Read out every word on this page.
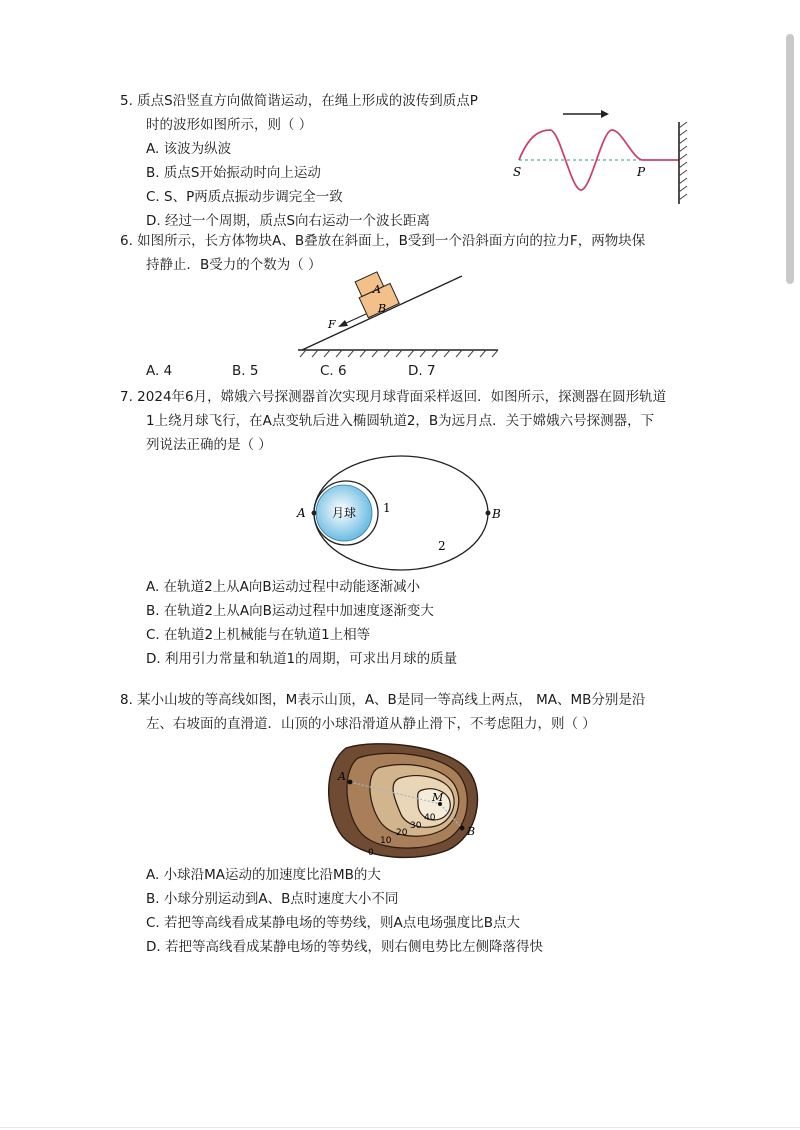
5. 质点S沿竖直方向做简谐运动，在绳上形成的波传到质点P
时的波形如图所示，则（ ）
A. 该波为纵波
B. 质点S开始振动时向上运动
C. S、P两质点振动步调完全一致
D. 经过一个周期，质点S向右运动一个波长距离
S	P
6. 如图所示，长方体物块A、B叠放在斜面上，B受到一个沿斜面方向的拉力F，两物块保
持静止．B受力的个数为（ ）
A
B
F
A. 4	B. 5	C. 6	D. 7
7. 2024年6月，嫦娥六号探测器首次实现月球背面采样返回．如图所示，探测器在圆形轨道
1上绕月球飞行，在A点变轨后进入椭圆轨道2，B为远月点．关于嫦娥六号探测器，下
列说法正确的是（ ）
月球
A	B
1
2
A. 在轨道2上从A向B运动过程中动能逐渐减小
B. 在轨道2上从A向B运动过程中加速度逐渐变大
C. 在轨道2上机械能与在轨道1上相等
D. 利用引力常量和轨道1的周期，可求出月球的质量
8. 某小山坡的等高线如图，M表示山顶，A、B是同一等高线上两点， MA、MB分别是沿
左、右坡面的直滑道．山顶的小球沿滑道从静止滑下，不考虑阻力，则（ ）
A
B
M
0
10
20
30
40
A. 小球沿MA运动的加速度比沿MB的大
B. 小球分别运动到A、B点时速度大小不同
C. 若把等高线看成某静电场的等势线，则A点电场强度比B点大
D. 若把等高线看成某静电场的等势线，则右侧电势比左侧降落得快
